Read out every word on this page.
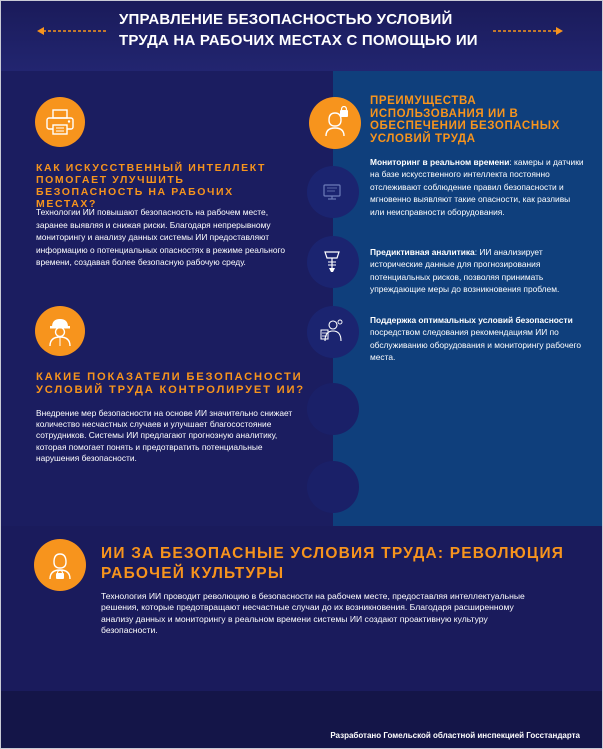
УПРАВЛЕНИЕ БЕЗОПАСНОСТЬЮ УСЛОВИЙ ТРУДА НА РАБОЧИХ МЕСТАХ С ПОМОЩЬЮ ИИ
КАК ИСКУССТВЕННЫЙ ИНТЕЛЛЕКТ ПОМОГАЕТ УЛУЧШИТЬ БЕЗОПАСНОСТЬ НА РАБОЧИХ МЕСТАХ?
Технологии ИИ повышают безопасность на рабочем месте, заранее выявляя и снижая риски. Благодаря непрерывному мониторингу и анализу данных системы ИИ предоставляют информацию о потенциальных опасностях в режиме реального времени, создавая более безопасную рабочую среду.
КАКИЕ ПОКАЗАТЕЛИ БЕЗОПАСНОСТИ УСЛОВИЙ ТРУДА КОНТРОЛИРУЕТ ИИ?
Внедрение мер безопасности на основе ИИ значительно снижает количество несчастных случаев и улучшает благосостояние сотрудников. Системы ИИ предлагают прогнозную аналитику, которая помогает понять и предотвратить потенциальные нарушения безопасности.
ПРЕИМУЩЕСТВА ИСПОЛЬЗОВАНИЯ ИИ В ОБЕСПЕЧЕНИИ БЕЗОПАСНЫХ УСЛОВИЙ ТРУДА
Мониторинг в реальном времени: камеры и датчики на базе искусственного интеллекта постоянно отслеживают соблюдение правил безопасности и мгновенно выявляют такие опасности, как разливы или неисправности оборудования.
Предиктивная аналитика: ИИ анализирует исторические данные для прогнозирования потенциальных рисков, позволяя принимать упреждающие меры до возникновения проблем.
Поддержка оптимальных условий безопасности посредством следования рекомендациям ИИ по обслуживанию оборудования и мониторингу рабочего места.
ИИ ЗА БЕЗОПАСНЫЕ УСЛОВИЯ ТРУДА: РЕВОЛЮЦИЯ РАБОЧЕЙ КУЛЬТУРЫ
Технология ИИ проводит революцию в безопасности на рабочем месте, предоставляя интеллектуальные решения, которые предотвращают несчастные случаи до их возникновения. Благодаря расширенному анализу данных и мониторингу в реальном времени системы ИИ создают проактивную культуру безопасности.
Разработано Гомельской областной инспекцией Госстандарта
